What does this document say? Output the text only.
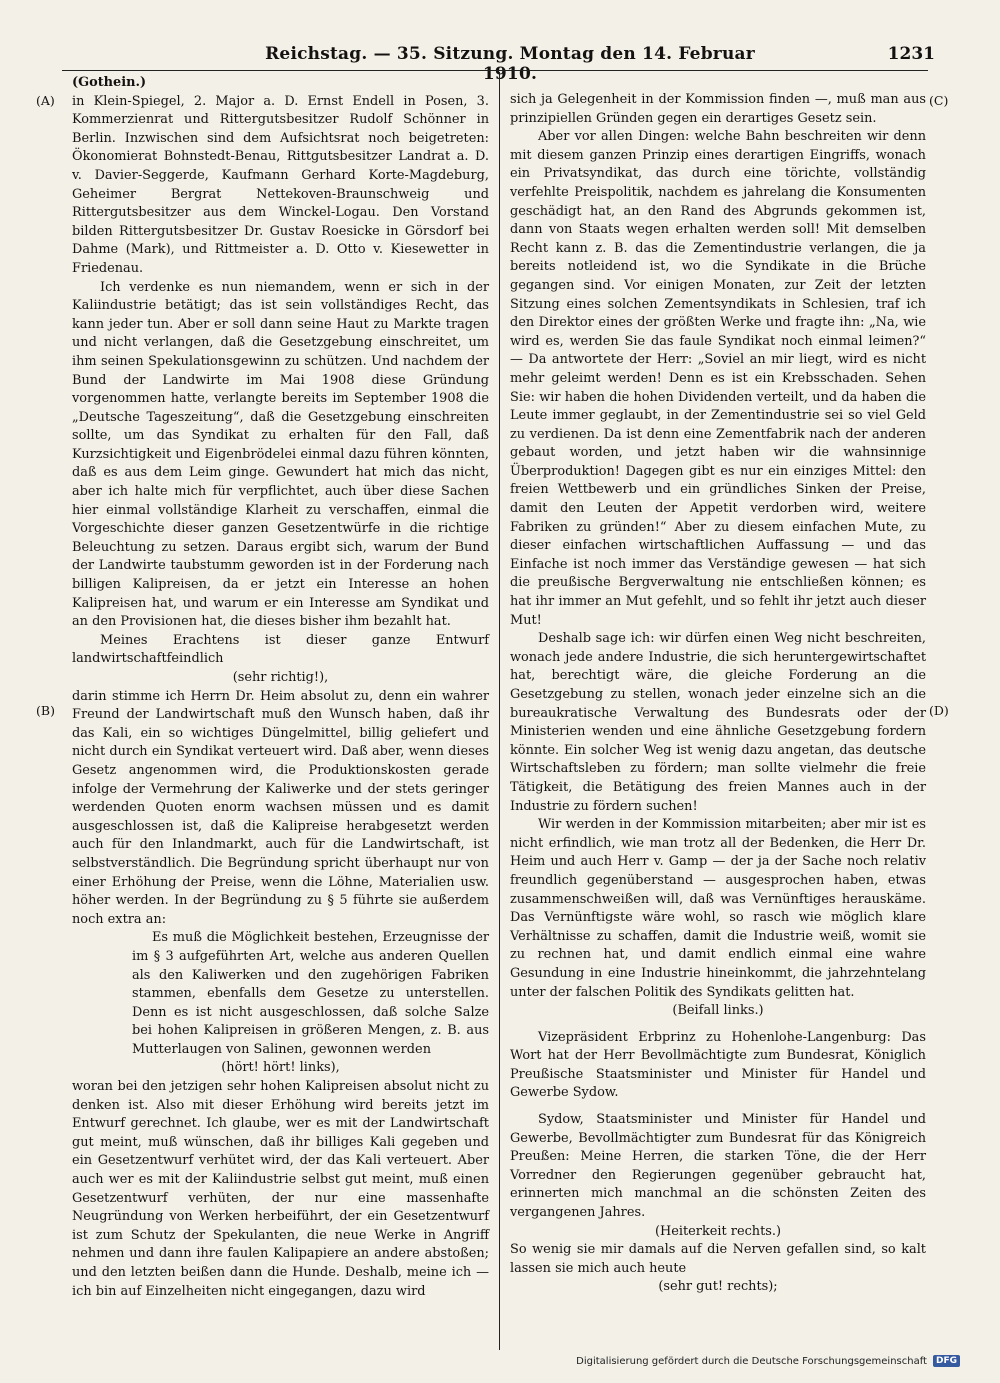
Reichstag. — 35. Sitzung. Montag den 14. Februar 1910.
1231
(A)
(B)
(C)
(D)

(Gothein.)

in Klein-Spiegel, 2. Major a. D. Ernst Endell in Posen, 3. Kommerzienrat und Rittergutsbesitzer Rudolf Schönner in Berlin. Inzwischen sind dem Aufsichtsrat noch beigetreten: Ökonomierat Bohnstedt-Benau, Rittgutsbesitzer Landrat a. D. v. Davier-Seggerde, Kaufmann Gerhard Korte-Magdeburg, Geheimer Bergrat Nettekoven-Braunschweig und Rittergutsbesitzer aus dem Winckel-Logau. Den Vorstand bilden Rittergutsbesitzer Dr. Gustav Roesicke in Görsdorf bei Dahme (Mark), und Rittmeister a. D. Otto v. Kiesewetter in Friedenau.

Ich verdenke es nun niemandem, wenn er sich in der Kaliindustrie betätigt; das ist sein vollständiges Recht, das kann jeder tun. Aber er soll dann seine Haut zu Markte tragen und nicht verlangen, daß die Gesetzgebung einschreitet, um ihm seinen Spekulationsgewinn zu schützen. Und nachdem der Bund der Landwirte im Mai 1908 diese Gründung vorgenommen hatte, verlangte bereits im September 1908 die „Deutsche Tageszeitung“, daß die Gesetzgebung einschreiten sollte, um das Syndikat zu erhalten für den Fall, daß Kurzsichtigkeit und Eigenbrödelei einmal dazu führen könnten, daß es aus dem Leim ginge. Gewundert hat mich das nicht, aber ich halte mich für verpflichtet, auch über diese Sachen hier einmal vollständige Klarheit zu verschaffen, einmal die Vorgeschichte dieser ganzen Gesetzentwürfe in die richtige Beleuchtung zu setzen. Daraus ergibt sich, warum der Bund der Landwirte taubstumm geworden ist in der Forderung nach billigen Kalipreisen, da er jetzt ein Interesse an hohen Kalipreisen hat, und warum er ein Interesse am Syndikat und an den Provisionen hat, die dieses bisher ihm bezahlt hat.

Meines Erachtens ist dieser ganze Entwurf landwirtschaftfeindlich

(sehr richtig!),

darin stimme ich Herrn Dr. Heim absolut zu, denn ein wahrer Freund der Landwirtschaft muß den Wunsch haben, daß ihr das Kali, ein so wichtiges Düngelmittel, billig geliefert und nicht durch ein Syndikat verteuert wird. Daß aber, wenn dieses Gesetz angenommen wird, die Produktionskosten gerade infolge der Vermehrung der Kaliwerke und der stets geringer werdenden Quoten enorm wachsen müssen und es damit ausgeschlossen ist, daß die Kalipreise herabgesetzt werden auch für den Inlandmarkt, auch für die Landwirtschaft, ist selbstverständlich. Die Begründung spricht überhaupt nur von einer Erhöhung der Preise, wenn die Löhne, Materialien usw. höher werden. In der Begründung zu § 5 führte sie außerdem noch extra an:

Es muß die Möglichkeit bestehen, Erzeugnisse der im § 3 aufgeführten Art, welche aus anderen Quellen als den Kaliwerken und den zugehörigen Fabriken stammen, ebenfalls dem Gesetze zu unterstellen. Denn es ist nicht ausgeschlossen, daß solche Salze bei hohen Kalipreisen in größeren Mengen, z. B. aus Mutterlaugen von Salinen, gewonnen werden

(hört! hört! links),

woran bei den jetzigen sehr hohen Kalipreisen absolut nicht zu denken ist. Also mit dieser Erhöhung wird bereits jetzt im Entwurf gerechnet. Ich glaube, wer es mit der Landwirtschaft gut meint, muß wünschen, daß ihr billiges Kali gegeben und ein Gesetzentwurf verhütet wird, der das Kali verteuert. Aber auch wer es mit der Kaliindustrie selbst gut meint, muß einen Gesetzentwurf verhüten, der nur eine massenhafte Neugründung von Werken herbeiführt, der ein Gesetzentwurf ist zum Schutz der Spekulanten, die neue Werke in Angriff nehmen und dann ihre faulen Kalipapiere an andere abstoßen; und den letzten beißen dann die Hunde. Deshalb, meine ich — ich bin auf Einzelheiten nicht eingegangen, dazu wird

sich ja Gelegenheit in der Kommission finden —, muß man aus prinzipiellen Gründen gegen ein derartiges Gesetz sein.

Aber vor allen Dingen: welche Bahn beschreiten wir denn mit diesem ganzen Prinzip eines derartigen Eingriffs, wonach ein Privatsyndikat, das durch eine törichte, vollständig verfehlte Preispolitik, nachdem es jahrelang die Konsumenten geschädigt hat, an den Rand des Abgrunds gekommen ist, dann von Staats wegen erhalten werden soll! Mit demselben Recht kann z. B. das die Zementindustrie verlangen, die ja bereits notleidend ist, wo die Syndikate in die Brüche gegangen sind. Vor einigen Monaten, zur Zeit der letzten Sitzung eines solchen Zementsyndikats in Schlesien, traf ich den Direktor eines der größten Werke und fragte ihn: „Na, wie wird es, werden Sie das faule Syndikat noch einmal leimen?“ — Da antwortete der Herr: „Soviel an mir liegt, wird es nicht mehr geleimt werden! Denn es ist ein Krebsschaden. Sehen Sie: wir haben die hohen Dividenden verteilt, und da haben die Leute immer geglaubt, in der Zementindustrie sei so viel Geld zu verdienen. Da ist denn eine Zementfabrik nach der anderen gebaut worden, und jetzt haben wir die wahnsinnige Überproduktion! Dagegen gibt es nur ein einziges Mittel: den freien Wettbewerb und ein gründliches Sinken der Preise, damit den Leuten der Appetit verdorben wird, weitere Fabriken zu gründen!“ Aber zu diesem einfachen Mute, zu dieser einfachen wirtschaftlichen Auffassung — und das Einfache ist noch immer das Verständige gewesen — hat sich die preußische Bergverwaltung nie entschließen können; es hat ihr immer an Mut gefehlt, und so fehlt ihr jetzt auch dieser Mut!

Deshalb sage ich: wir dürfen einen Weg nicht beschreiten, wonach jede andere Industrie, die sich heruntergewirtschaftet hat, berechtigt wäre, die gleiche Forderung an die Gesetzgebung zu stellen, wonach jeder einzelne sich an die bureaukratische Verwaltung des Bundesrats oder der Ministerien wenden und eine ähnliche Gesetzgebung fordern könnte. Ein solcher Weg ist wenig dazu angetan, das deutsche Wirtschaftsleben zu fördern; man sollte vielmehr die freie Tätigkeit, die Betätigung des freien Mannes auch in der Industrie zu fördern suchen!

Wir werden in der Kommission mitarbeiten; aber mir ist es nicht erfindlich, wie man trotz all der Bedenken, die Herr Dr. Heim und auch Herr v. Gamp — der ja der Sache noch relativ freundlich gegenüberstand — ausgesprochen haben, etwas zusammenschweißen will, daß was Vernünftiges herauskäme. Das Vernünftigste wäre wohl, so rasch wie möglich klare Verhältnisse zu schaffen, damit die Industrie weiß, womit sie zu rechnen hat, und damit endlich einmal eine wahre Gesundung in eine Industrie hineinkommt, die jahrzehntelang unter der falschen Politik des Syndikats gelitten hat.

(Beifall links.)

Vizepräsident Erbprinz zu Hohenlohe-Langenburg: Das Wort hat der Herr Bevollmächtigte zum Bundesrat, Königlich Preußische Staatsminister und Minister für Handel und Gewerbe Sydow.

Sydow, Staatsminister und Minister für Handel und Gewerbe, Bevollmächtigter zum Bundesrat für das Königreich Preußen: Meine Herren, die starken Töne, die der Herr Vorredner den Regierungen gegenüber gebraucht hat, erinnerten mich manchmal an die schönsten Zeiten des vergangenen Jahres.

(Heiterkeit rechts.)

So wenig sie mir damals auf die Nerven gefallen sind, so kalt lassen sie mich auch heute

(sehr gut! rechts);

Digitalisierung gefördert durch die Deutsche Forschungsgemeinschaft	DFG
